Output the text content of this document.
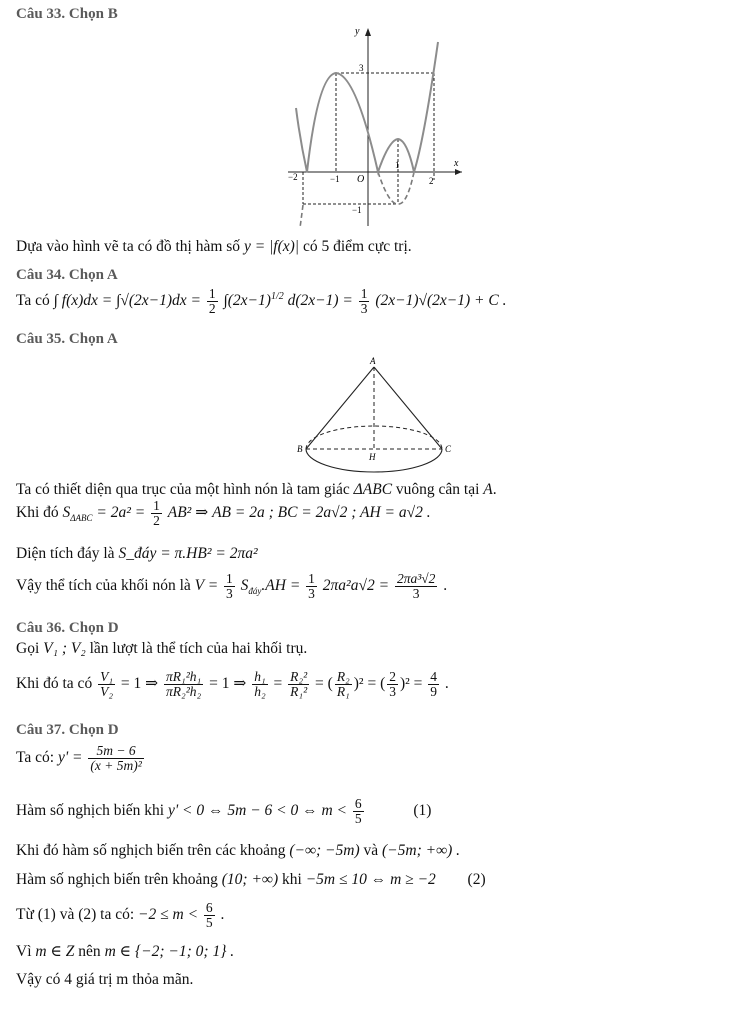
Câu 33. Chọn B
y
x
O
−2	−1
1
2
3
−1
Dựa vào hình vẽ ta có đồ thị hàm số y = |f(x)| có 5 điểm cực trị.
Câu 34. Chọn A
Ta có ∫ $f(x)dx = \int√(2x-1)dx = \frac{1}{2} \int(2x-1)^{1/2}$ $d(2x-1) = \frac{1}{3} (2x-1)√(2x-1) + C$ .
Câu 35. Chọn A
A
B	C
H
Ta có thiết diện qua trục của một hình nón là tam giác ΔABC vuông cân tại A.
Khi đó $S_{\Delta ABC} = 2a^2 = \frac{1}{2} AB^2$ ⇒ AB = 2a ; BC = 2a√2 ; AH = a√2 .
Diện tích đáy là S_đáy = π.HB² = 2πa²
Vậy thể tích của khối nón là $V = \frac{1}{3} S_{đáy}.AH = \frac{1}{3} 2\pi a^2a√2 = \frac{\text{2πa³√2}}{3}$ .
Câu 36. Chọn D
Gọi V₁ ; V₂ lần lượt là thể tích của hai khối trụ.
Khi đó ta có $\frac{\text{V₁}}{\text{V₂}} = 1$ ⇒ $\frac{\text{πR₁²h₁}}{\text{πR₂²h₂}} = 1$ ⇒ $\frac{\text{h₁}}{\text{h₂}} = \frac{\text{R₂²}}{\text{R₁²}}$ = ( $\frac{\text{R₂}}{\text{R₁}} )^2$ = ( $\frac{2}{3} )^2 = \frac{4}{9}$ .
Câu 37. Chọn D
Ta có: $y' = \frac{5m - 6}{\text{(x + 5m)²}}$
Hàm số nghịch biến khi y' < 0 ⇔ 5m − 6 < 0 ⇔ $m < \frac{6}{5}$	(1)
Khi đó hàm số nghịch biến trên các khoảng (−∞; −5m) và (−5m; +∞) .
Hàm số nghịch biến trên khoảng (10; +∞) khi −5m ≤ 10 ⇔ m ≥ −2 (2)
Từ (1) và (2) ta có: $-2 \le m < \frac{6}{5}$ .
Vì m ∈ Z nên m ∈ {−2; −1; 0; 1} .
Vậy có 4 giá trị m thỏa mãn.
